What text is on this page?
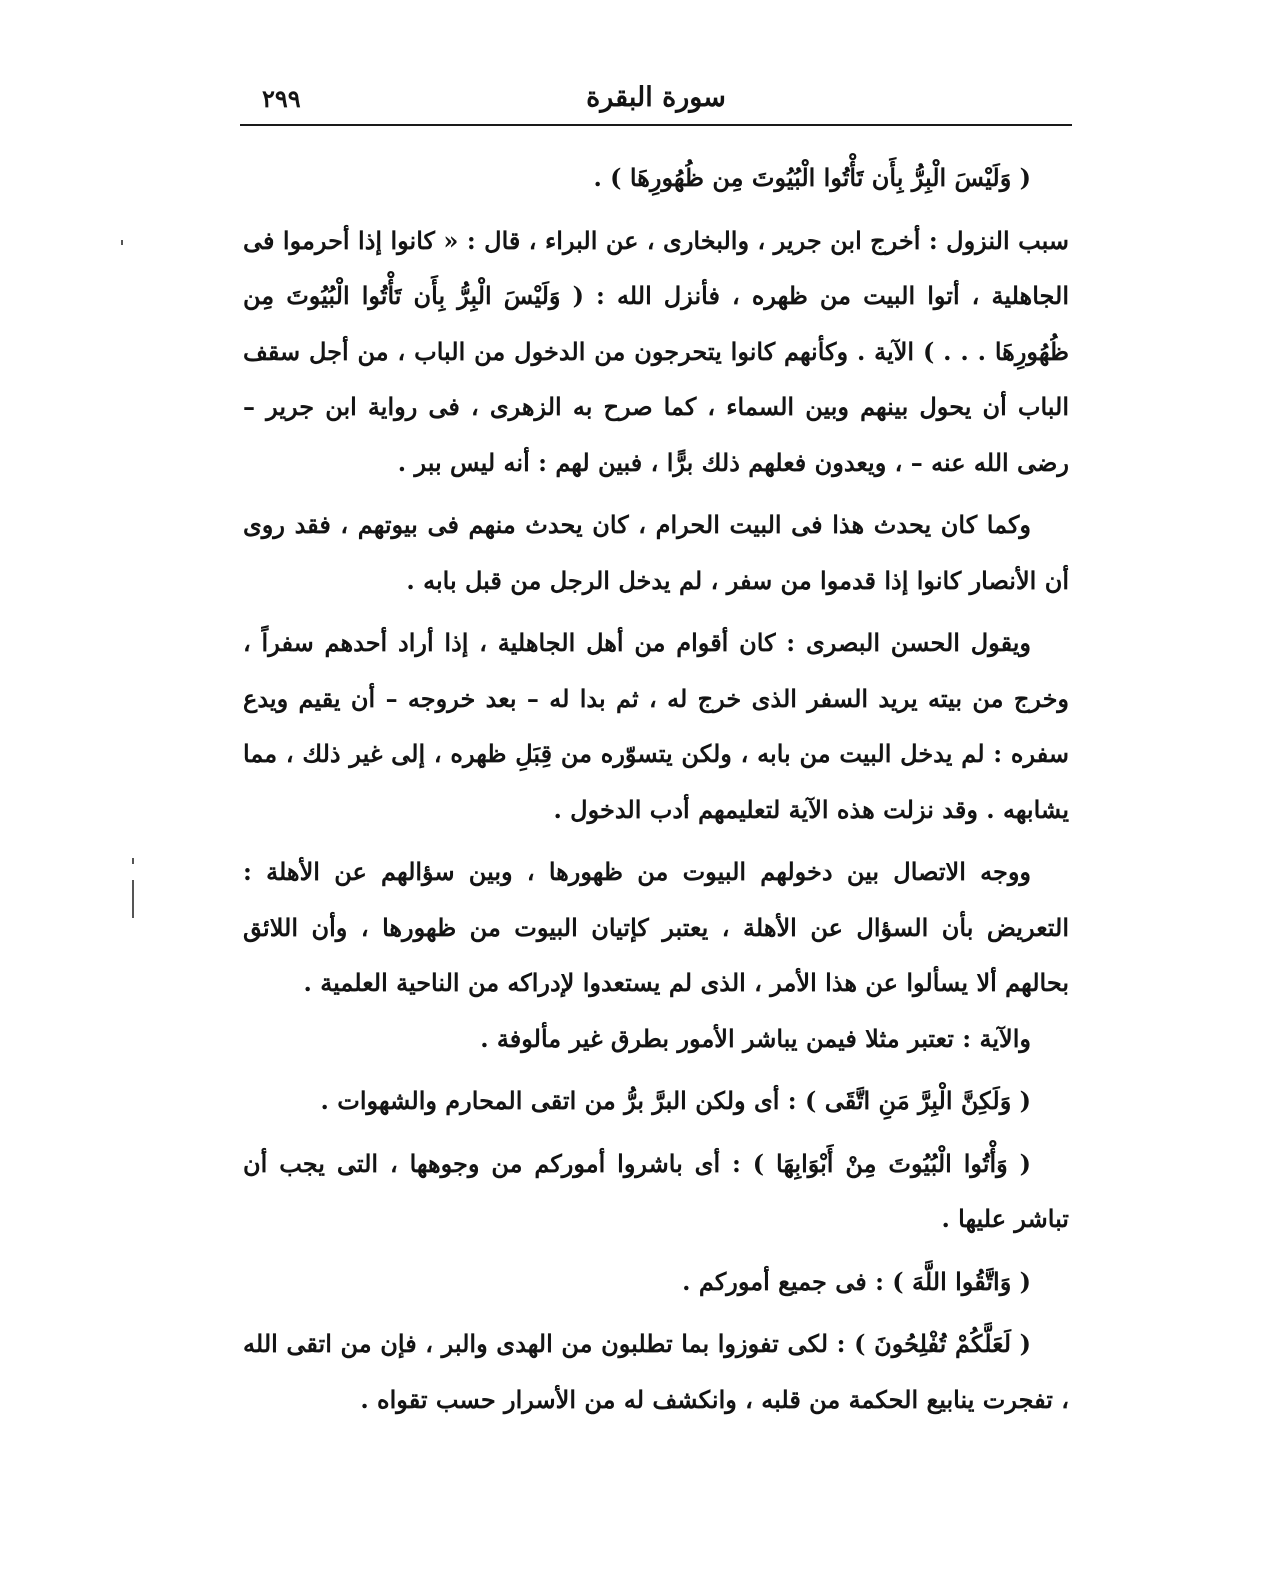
سورة البقرة
٢٩٩

( وَلَيْسَ الْبِرُّ بِأَن تَأْتُوا الْبُيُوتَ مِن ظُهُورِهَا ) .

سبب النزول : أخرج ابن جرير ، والبخارى ، عن البراء ، قال : « كانوا إذا أحرموا فى الجاهلية ، أتوا البيت من ظهره ، فأنزل الله : ( وَلَيْسَ الْبِرُّ بِأَن تَأْتُوا الْبُيُوتَ مِن ظُهُورِهَا . . . ) الآية . وكأنهم كانوا يتحرجون من الدخول من الباب ، من أجل سقف الباب أن يحول بينهم وبين السماء ، كما صرح به الزهرى ، فى رواية ابن جرير – رضى الله عنه – ، ويعدون فعلهم ذلك برًّا ، فبين لهم : أنه ليس ببر .

وكما كان يحدث هذا فى البيت الحرام ، كان يحدث منهم فى بيوتهم ، فقد روى أن الأنصار كانوا إذا قدموا من سفر ، لم يدخل الرجل من قبل بابه .

ويقول الحسن البصرى : كان أقوام من أهل الجاهلية ، إذا أراد أحدهم سفراً ، وخرج من بيته يريد السفر الذى خرج له ، ثم بدا له – بعد خروجه – أن يقيم ويدع سفره : لم يدخل البيت من بابه ، ولكن يتسوّره من قِبَلِ ظهره ، إلى غير ذلك ، مما يشابهه . وقد نزلت هذه الآية لتعليمهم أدب الدخول .

ووجه الاتصال بين دخولهم البيوت من ظهورها ، وبين سؤالهم عن الأهلة : التعريض بأن السؤال عن الأهلة ، يعتبر كإتيان البيوت من ظهورها ، وأن اللائق بحالهم ألا يسألوا عن هذا الأمر ، الذى لم يستعدوا لإدراكه من الناحية العلمية .

والآية : تعتبر مثلا فيمن يباشر الأمور بطرق غير مألوفة .

( وَلَكِنَّ الْبِرَّ مَنِ اتَّقَى ) : أى ولكن البرَّ برُّ من اتقى المحارم والشهوات .

( وَأْتُوا الْبُيُوتَ مِنْ أَبْوَابِهَا ) : أى باشروا أموركم من وجوهها ، التى يجب أن تباشر عليها .

( وَاتَّقُوا اللَّهَ ) : فى جميع أموركم .

( لَعَلَّكُمْ تُفْلِحُونَ ) : لكى تفوزوا بما تطلبون من الهدى والبر ، فإن من اتقى الله ، تفجرت ينابيع الحكمة من قلبه ، وانكشف له من الأسرار حسب تقواه .
